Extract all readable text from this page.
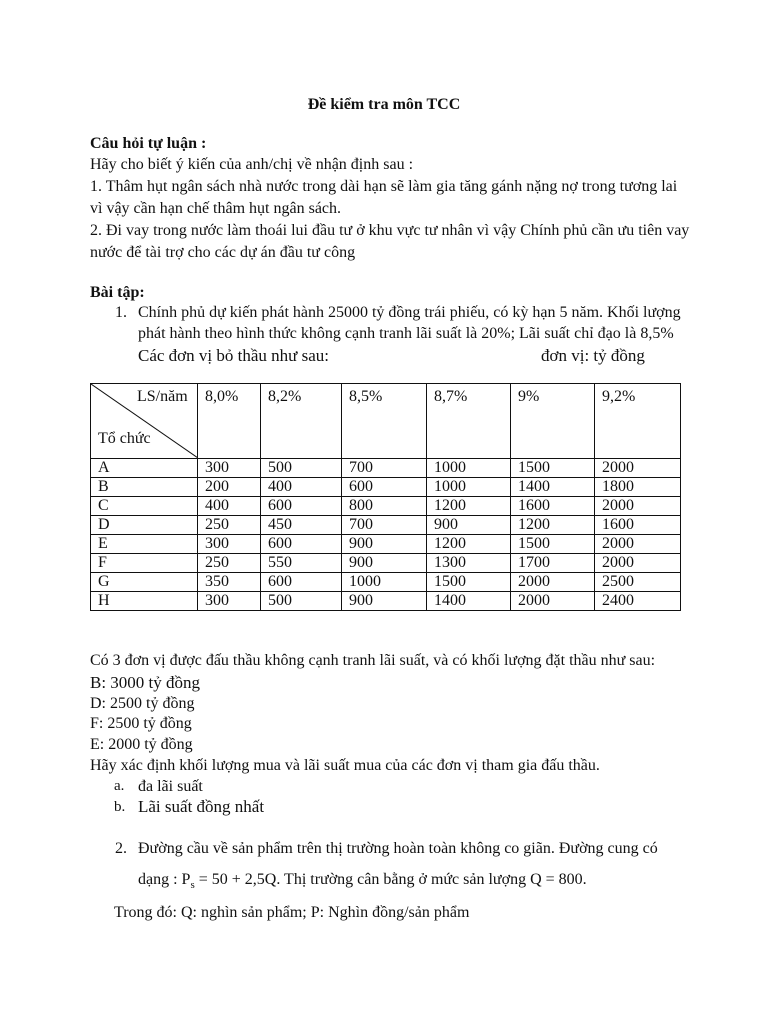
Đề kiểm tra môn TCC
Câu hỏi tự luận :
Hãy cho biết ý kiến của anh/chị về nhận định sau :
1. Thâm hụt ngân sách nhà nước trong dài hạn sẽ làm gia tăng gánh nặng nợ trong tương lai
vì vậy cần hạn chế thâm hụt ngân sách.
2. Đi vay trong nước làm thoái lui đầu tư ở khu vực tư nhân vì vậy Chính phủ cần ưu tiên vay
nước để tài trợ cho các dự án đầu tư công
Bài tập:
1. Chính phủ dự kiến phát hành 25000 tỷ đồng trái phiếu, có kỳ hạn 5 năm. Khối lượng
phát hành theo hình thức không cạnh tranh lãi suất là 20%; Lãi suất chỉ đạo là 8,5%
Các đơn vị bỏ thầu như sau:	đơn vị: tỷ đồng
LS/năm
Tổ chức	8,0%	8,2%	8,5%	8,7%	9%	9,2%
A	300	500	700	1000	1500	2000
B	200	400	600	1000	1400	1800
C	400	600	800	1200	1600	2000
D	250	450	700	900	1200	1600
E	300	600	900	1200	1500	2000
F	250	550	900	1300	1700	2000
G	350	600	1000	1500	2000	2500
H	300	500	900	1400	2000	2400
Có 3 đơn vị được đấu thầu không cạnh tranh lãi suất, và có khối lượng đặt thầu như sau:
B: 3000 tỷ đồng
D: 2500 tỷ đồng
F: 2500 tỷ đồng
E: 2000 tỷ đồng
Hãy xác định khối lượng mua và lãi suất mua của các đơn vị tham gia đấu thầu.
a. đa lãi suất
b. Lãi suất đồng nhất
2. Đường cầu về sản phẩm trên thị trường hoàn toàn không co giãn. Đường cung có
dạng : $P_s = 50 + 2,5Q$. Thị trường cân bằng ở mức sản lượng Q = 800.
Trong đó: Q: nghìn sản phẩm; P: Nghìn đồng/sản phẩm
